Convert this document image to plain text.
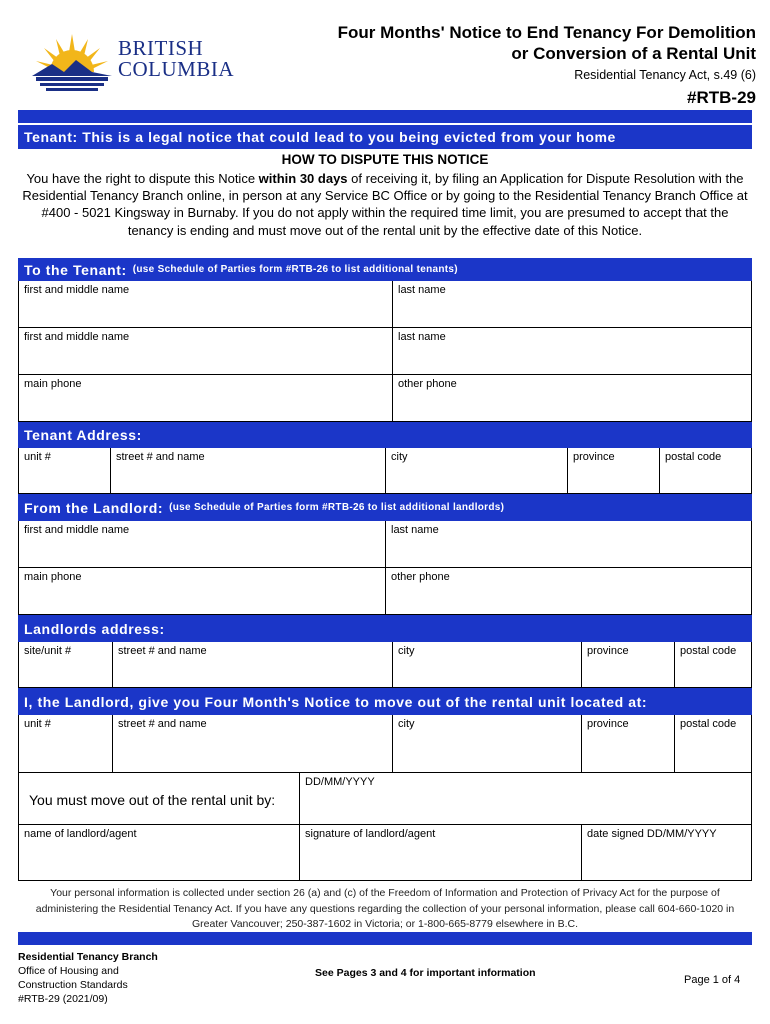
BRITISH
COLUMBIA
Four Months' Notice to End Tenancy For Demolition
or Conversion of a Rental Unit
Residential Tenancy Act, s.49 (6)
#RTB-29
Tenant: This is a legal notice that could lead to you being evicted from your home
HOW TO DISPUTE THIS NOTICE
You have the right to dispute this Notice within 30 days of receiving it, by filing an Application for Dispute Resolution with the Residential Tenancy Branch online, in person at any Service BC Office or by going to the Residential Tenancy Branch Office at #400 - 5021 Kingsway in Burnaby. If you do not apply within the required time limit, you are presumed to accept that the tenancy is ending and must move out of the rental unit by the effective date of this Notice.
To the Tenant: (use Schedule of Parties form #RTB-26 to list additional tenants)
first and middle name	last name
first and middle name	last name
main phone	other phone
Tenant Address:
unit #	street # and name	city	province	postal code
From the Landlord: (use Schedule of Parties form #RTB-26 to list additional landlords)
first and middle name	last name
main phone	other phone
Landlords address:
site/unit #	street # and name	city	province	postal code
I, the Landlord, give you Four Month's Notice to move out of the rental unit located at:
unit #	street # and name	city	province	postal code
You must move out of the rental unit by:
DD/MM/YYYY
name of landlord/agent	signature of landlord/agent	date signed DD/MM/YYYY
Your personal information is collected under section 26 (a) and (c) of the Freedom of Information and Protection of Privacy Act for the purpose of administering the Residential Tenancy Act. If you have any questions regarding the collection of your personal information, please call 604-660-1020 in Greater Vancouver; 250-387-1602 in Victoria; or 1-800-665-8779 elsewhere in B.C.
Residential Tenancy Branch
Office of Housing and
Construction Standards
#RTB-29 (2021/09)
See Pages 3 and 4 for important information
Page 1 of 4
